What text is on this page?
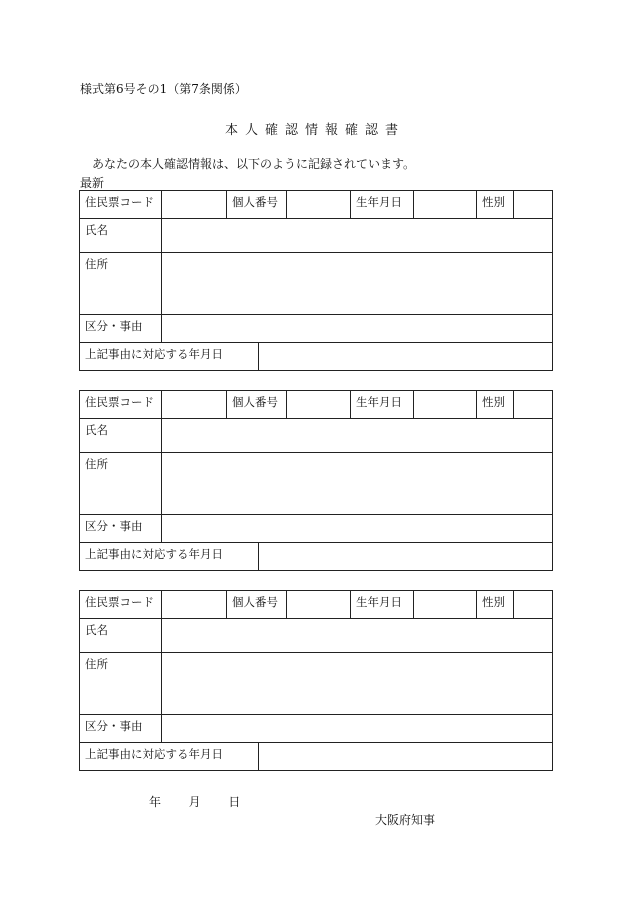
様式第6号その1（第7条関係）
本人確認情報確認書
あなたの本人確認情報は、以下のように記録されています。
最新
住民票コード		個人番号			生年月日		性別	
氏名								
住所								
区分・事由								
上記事由に対応する年月日								
住民票コード		個人番号			生年月日		性別	
氏名								
住所								
区分・事由								
上記事由に対応する年月日								
住民票コード		個人番号			生年月日		性別	
氏名								
住所								
区分・事由								
上記事由に対応する年月日								
年 月 日
大阪府知事
